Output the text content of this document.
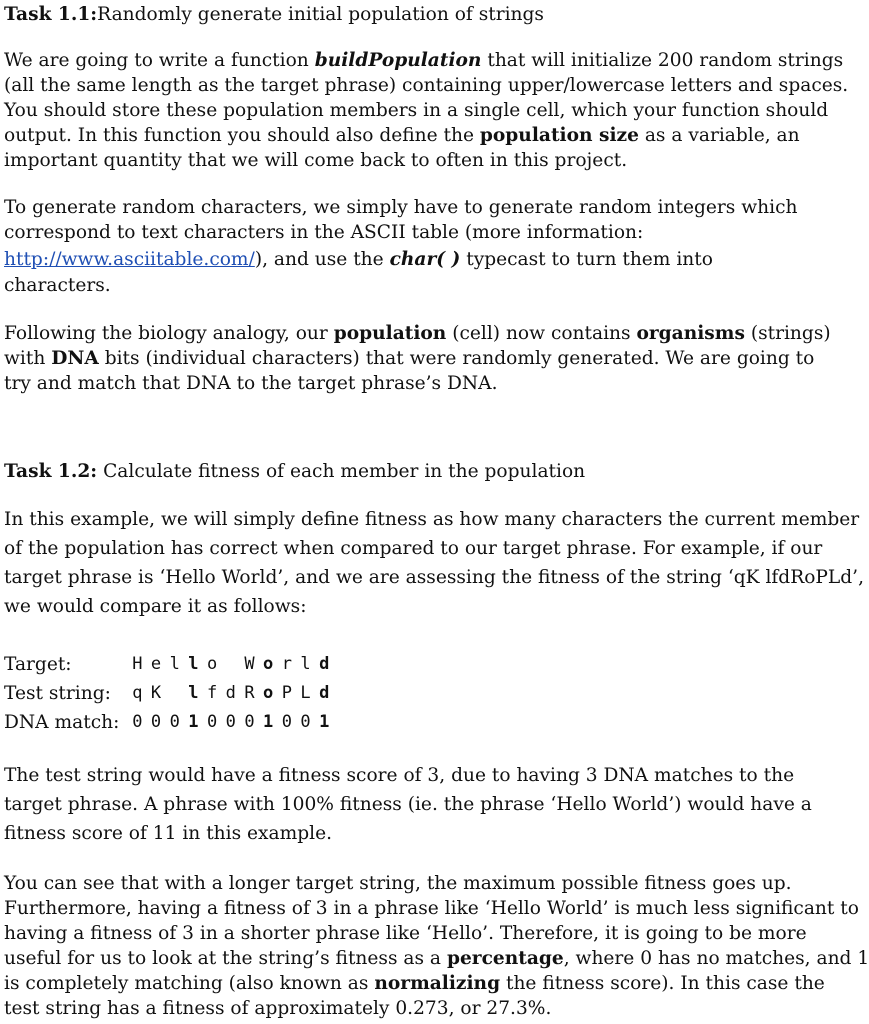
Task 1.1:Randomly generate initial population of strings
We are going to write a function buildPopulation that will initialize 200 random strings
(all the same length as the target phrase) containing upper/lowercase letters and spaces.
You should store these population members in a single cell, which your function should
output. In this function you should also define the population size as a variable, an
important quantity that we will come back to often in this project.
To generate random characters, we simply have to generate random integers which
correspond to text characters in the ASCII table (more information:
http://www.asciitable.com/), and use the char( ) typecast to turn them into
characters.
Following the biology analogy, our population (cell) now contains organisms (strings)
with DNA bits (individual characters) that were randomly generated. We are going to
try and match that DNA to the target phrase’s DNA.
Task 1.2: Calculate fitness of each member in the population
In this example, we will simply define fitness as how many characters the current member
of the population has correct when compared to our target phrase. For example, if our
target phrase is ‘Hello World’, and we are assessing the fitness of the string ‘qK lfdRoPLd’,
we would compare it as follows:
Target:	H e l l o W o r l d
Test string: q K l f d R o P L d
DNA match: 0 0 0 1 0 0 0 1 0 0 1
The test string would have a fitness score of 3, due to having 3 DNA matches to the
target phrase. A phrase with 100% fitness (ie. the phrase ‘Hello World’) would have a
fitness score of 11 in this example.
You can see that with a longer target string, the maximum possible fitness goes up.
Furthermore, having a fitness of 3 in a phrase like ‘Hello World’ is much less significant to
having a fitness of 3 in a shorter phrase like ‘Hello’. Therefore, it is going to be more
useful for us to look at the string’s fitness as a percentage, where 0 has no matches, and 1
is completely matching (also known as normalizing the fitness score). In this case the
test string has a fitness of approximately 0.273, or 27.3%.
